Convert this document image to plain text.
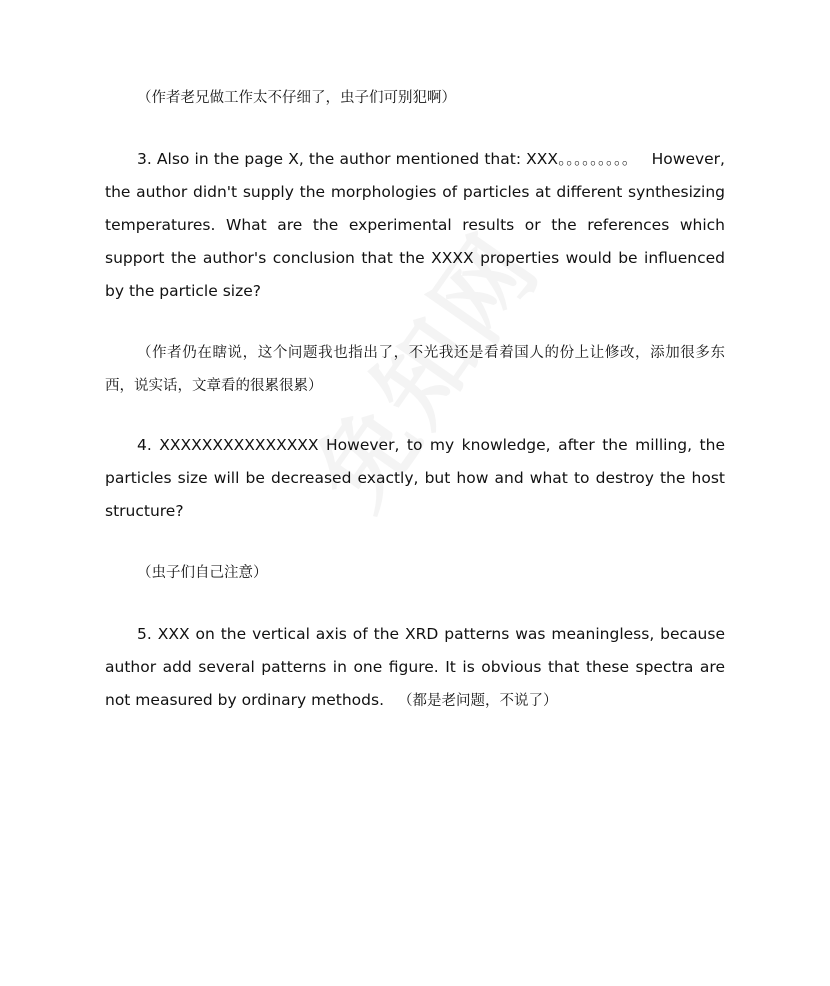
（作者老兄做工作太不仔细了，虫子们可别犯啊）

3. Also in the page X, the author mentioned that: XXX。。。。。。。。。 However, the author didn't supply the morphologies of particles at different synthesizing temperatures. What are the experimental results or the references which support the author's conclusion that the XXXX properties would be influenced by the particle size?

（作者仍在瞎说，这个问题我也指出了，不光我还是看着国人的份上让修改，添加很多东西，说实话，文章看的很累很累）

4. XXXXXXXXXXXXXXX However, to my knowledge, after the milling, the particles size will be decreased exactly, but how and what to destroy the host structure?

（虫子们自己注意）

5. XXX on the vertical axis of the XRD patterns was meaningless, because author add several patterns in one figure. It is obvious that these spectra are not measured by ordinary methods. （都是老问题，不说了）
